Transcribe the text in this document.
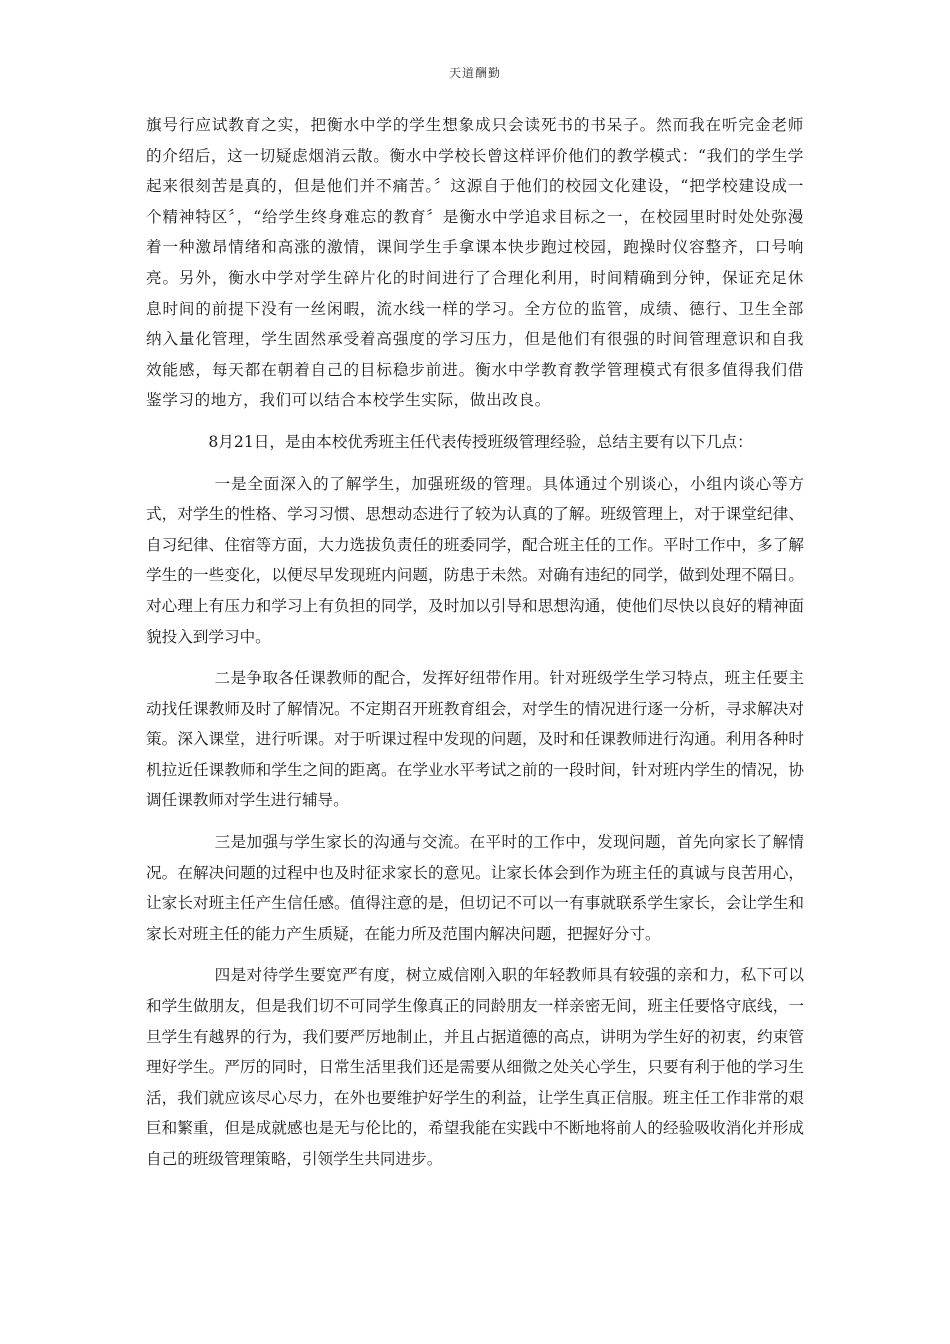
天道酬勤

旗号行应试教育之实，把衡水中学的学生想象成只会读死书的书呆子。然而我在听完金老师的介绍后，这一切疑虑烟消云散。衡水中学校长曾这样评价他们的教学模式：“我们的学生学起来很刻苦是真的，但是他们并不痛苦。〞这源自于他们的校园文化建设，“把学校建设成一个精神特区〞，“给学生终身难忘的教育〞是衡水中学追求目标之一，在校园里时时处处弥漫着一种激昂情绪和高涨的激情，课间学生手拿课本快步跑过校园，跑操时仪容整齐，口号响亮。另外，衡水中学对学生碎片化的时间进行了合理化利用，时间精确到分钟，保证充足休息时间的前提下没有一丝闲暇，流水线一样的学习。全方位的监管，成绩、德行、卫生全部纳入量化管理，学生固然承受着高强度的学习压力，但是他们有很强的时间管理意识和自我效能感，每天都在朝着自己的目标稳步前进。衡水中学教育教学管理模式有很多值得我们借鉴学习的地方，我们可以结合本校学生实际，做出改良。

8月21日，是由本校优秀班主任代表传授班级管理经验，总结主要有以下几点：

一是全面深入的了解学生，加强班级的管理。具体通过个别谈心，小组内谈心等方式，对学生的性格、学习习惯、思想动态进行了较为认真的了解。班级管理上，对于课堂纪律、自习纪律、住宿等方面，大力选拔负责任的班委同学，配合班主任的工作。平时工作中，多了解学生的一些变化，以便尽早发现班内问题，防患于未然。对确有违纪的同学，做到处理不隔日。对心理上有压力和学习上有负担的同学，及时加以引导和思想沟通，使他们尽快以良好的精神面貌投入到学习中。

二是争取各任课教师的配合，发挥好纽带作用。针对班级学生学习特点，班主任要主动找任课教师及时了解情况。不定期召开班教育组会，对学生的情况进行逐一分析，寻求解决对策。深入课堂，进行听课。对于听课过程中发现的问题，及时和任课教师进行沟通。利用各种时机拉近任课教师和学生之间的距离。在学业水平考试之前的一段时间，针对班内学生的情况，协调任课教师对学生进行辅导。

三是加强与学生家长的沟通与交流。在平时的工作中，发现问题，首先向家长了解情况。在解决问题的过程中也及时征求家长的意见。让家长体会到作为班主任的真诚与良苦用心，让家长对班主任产生信任感。值得注意的是，但切记不可以一有事就联系学生家长，会让学生和家长对班主任的能力产生质疑，在能力所及范围内解决问题，把握好分寸。

四是对待学生要宽严有度，树立威信刚入职的年轻教师具有较强的亲和力，私下可以和学生做朋友，但是我们切不可同学生像真正的同龄朋友一样亲密无间，班主任要恪守底线，一旦学生有越界的行为，我们要严厉地制止，并且占据道德的高点，讲明为学生好的初衷，约束管理好学生。严厉的同时，日常生活里我们还是需要从细微之处关心学生，只要有利于他的学习生活，我们就应该尽心尽力，在外也要维护好学生的利益，让学生真正信服。班主任工作非常的艰巨和繁重，但是成就感也是无与伦比的，希望我能在实践中不断地将前人的经验吸收消化并形成自己的班级管理策略，引领学生共同进步。
